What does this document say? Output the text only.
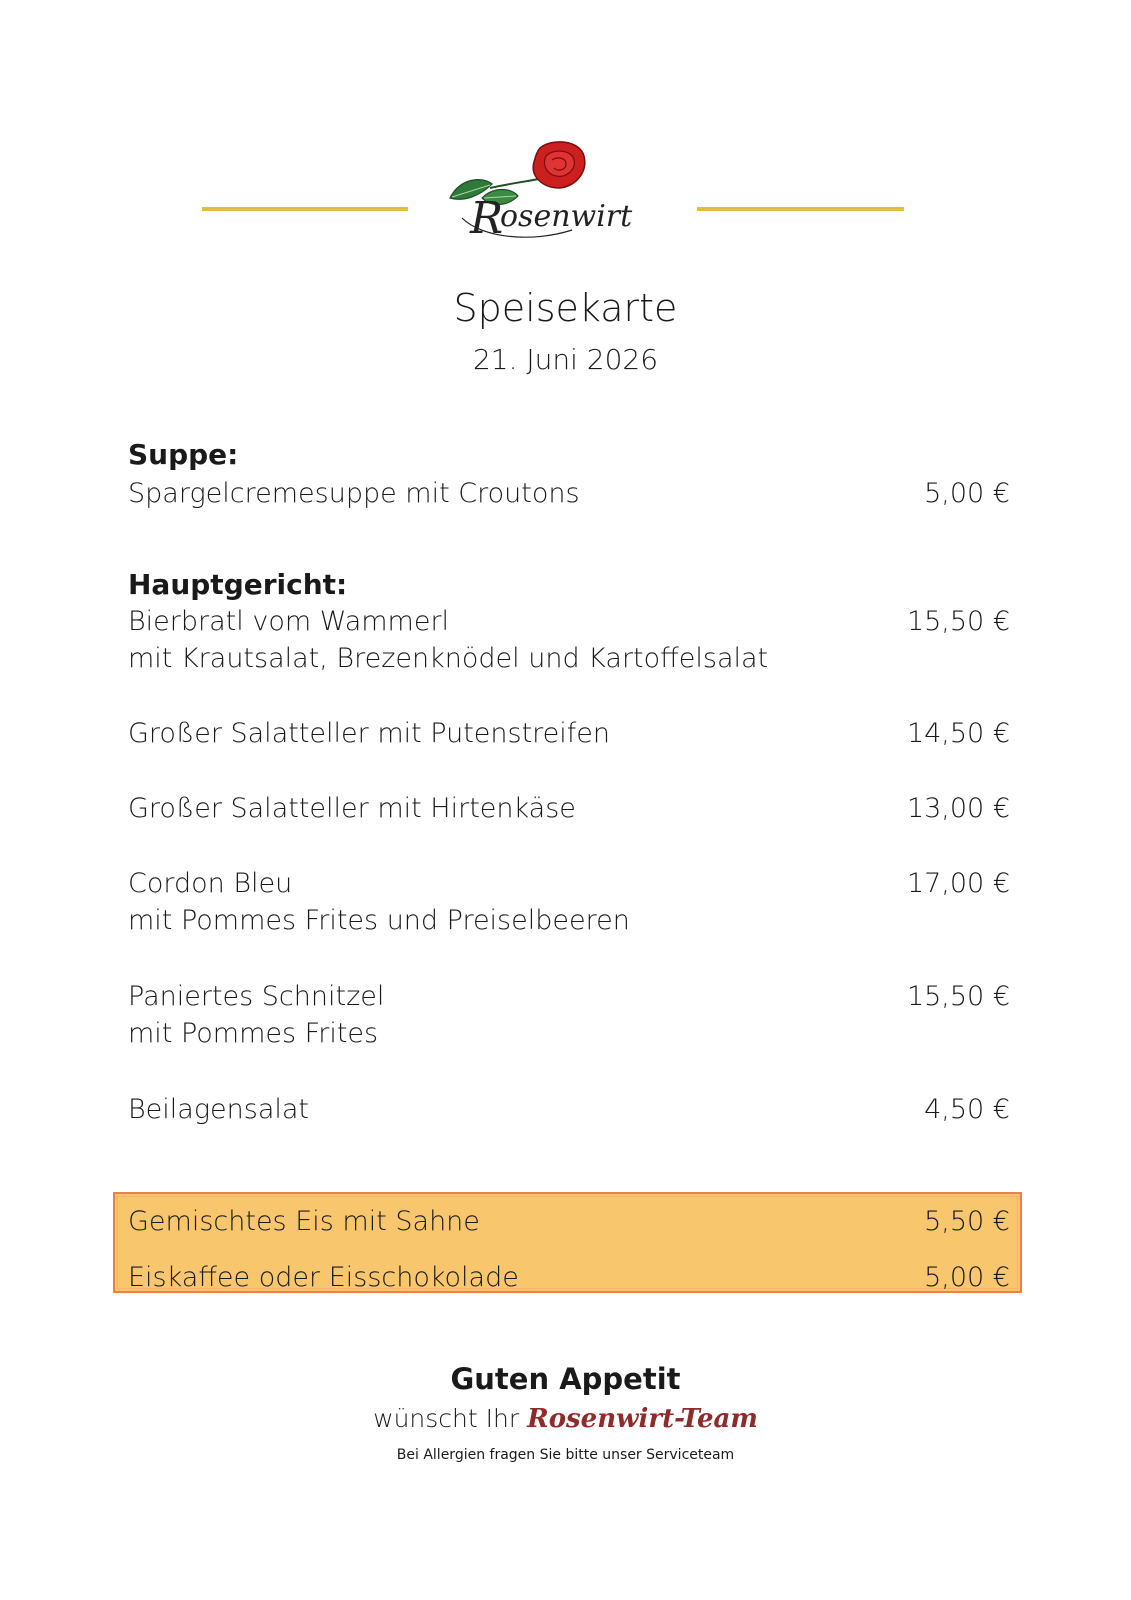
R
osenwirt
Speisekarte
21. Juni 2026
Suppe:
Spargelcremesuppe mit Croutons	5,00 €
Hauptgericht:
Bierbratl vom Wammerl	15,50 €
mit Krautsalat, Brezenknödel und Kartoffelsalat
Großer Salatteller mit Putenstreifen	14,50 €
Großer Salatteller mit Hirtenkäse	13,00 €
Cordon Bleu	17,00 €
mit Pommes Frites und Preiselbeeren
Paniertes Schnitzel	15,50 €
mit Pommes Frites
Beilagensalat	4,50 €
Gemischtes Eis mit Sahne	5,50 €
Eiskaffee oder Eisschokolade	5,00 €
Guten Appetit
wünscht Ihr Rosenwirt-Team
Bei Allergien fragen Sie bitte unser Serviceteam
